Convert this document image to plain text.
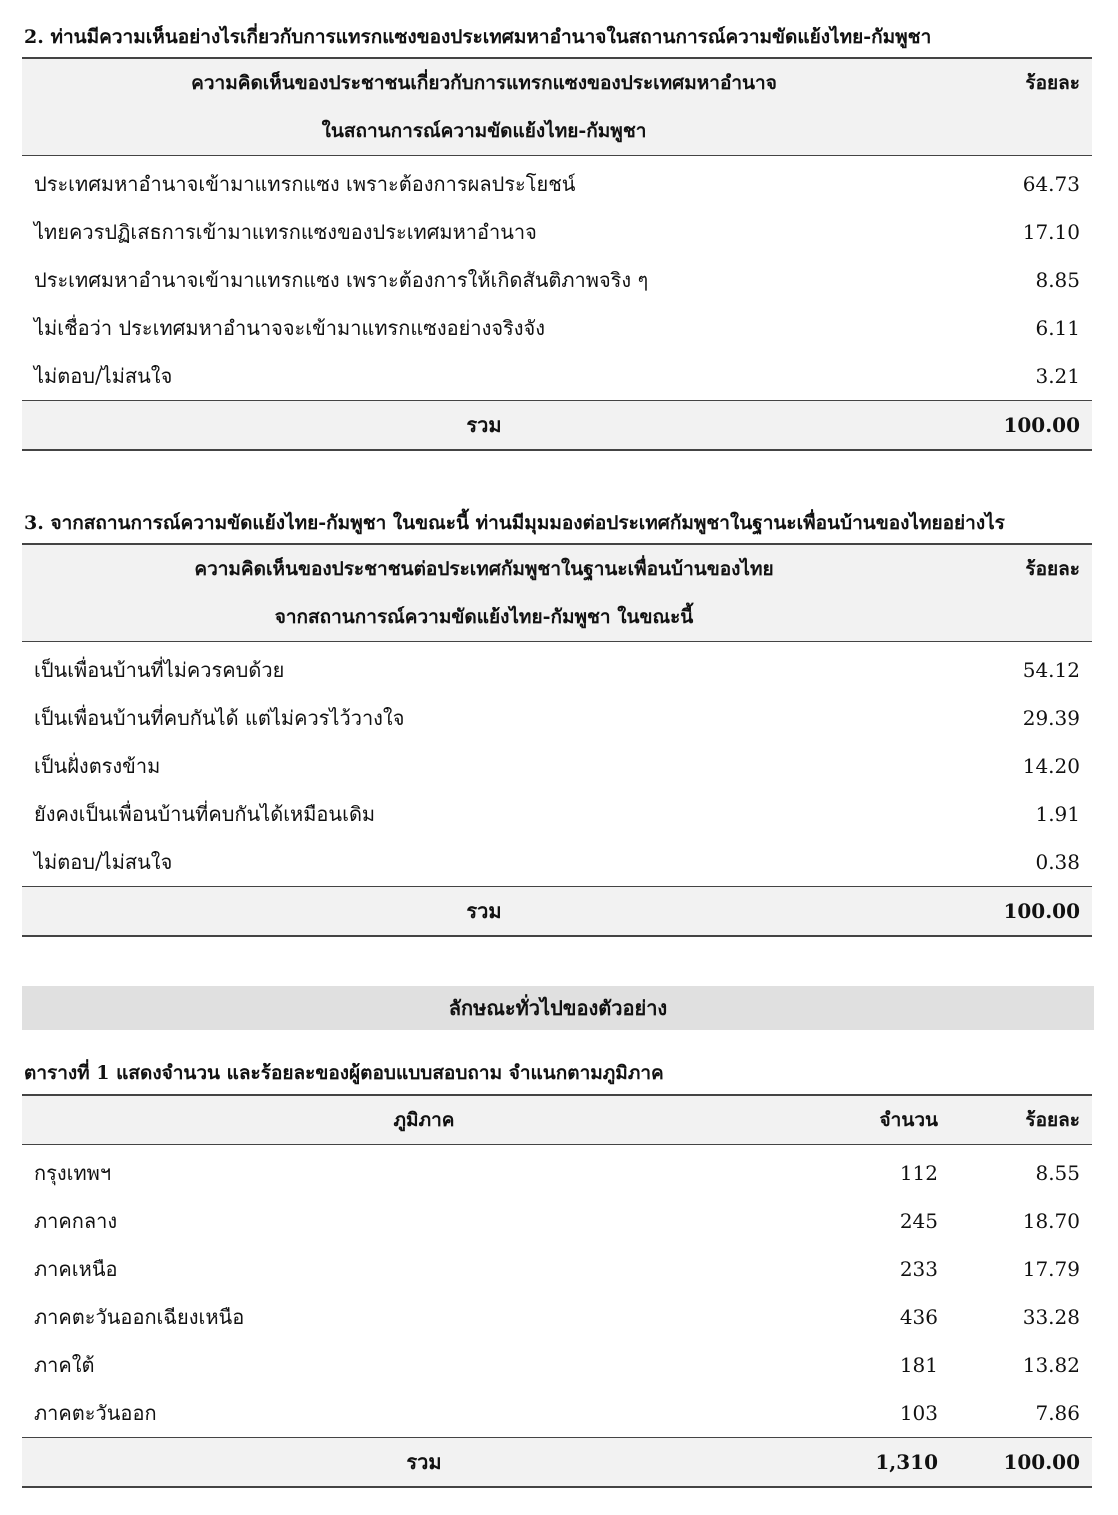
2. ท่านมีความเห็นอย่างไรเกี่ยวกับการแทรกแซงของประเทศมหาอำนาจในสถานการณ์ความขัดแย้งไทย-กัมพูชา
ความคิดเห็นของประชาชนเกี่ยวกับการแทรกแซงของประเทศมหาอำนาจ	ร้อยละ
ในสถานการณ์ความขัดแย้งไทย-กัมพูชา	
ประเทศมหาอำนาจเข้ามาแทรกแซง เพราะต้องการผลประโยชน์	64.73
ไทยควรปฏิเสธการเข้ามาแทรกแซงของประเทศมหาอำนาจ	17.10
ประเทศมหาอำนาจเข้ามาแทรกแซง เพราะต้องการให้เกิดสันติภาพจริง ๆ	8.85
ไม่เชื่อว่า ประเทศมหาอำนาจจะเข้ามาแทรกแซงอย่างจริงจัง	6.11
ไม่ตอบ/ไม่สนใจ	3.21
รวม	100.00
3. จากสถานการณ์ความขัดแย้งไทย-กัมพูชา ในขณะนี้ ท่านมีมุมมองต่อประเทศกัมพูชาในฐานะเพื่อนบ้านของไทยอย่างไร
ความคิดเห็นของประชาชนต่อประเทศกัมพูชาในฐานะเพื่อนบ้านของไทย	ร้อยละ
จากสถานการณ์ความขัดแย้งไทย-กัมพูชา ในขณะนี้	
เป็นเพื่อนบ้านที่ไม่ควรคบด้วย	54.12
เป็นเพื่อนบ้านที่คบกันได้ แต่ไม่ควรไว้วางใจ	29.39
เป็นฝั่งตรงข้าม	14.20
ยังคงเป็นเพื่อนบ้านที่คบกันได้เหมือนเดิม	1.91
ไม่ตอบ/ไม่สนใจ	0.38
รวม	100.00
ลักษณะทั่วไปของตัวอย่าง
ตารางที่ 1 แสดงจำนวน และร้อยละของผู้ตอบแบบสอบถาม จำแนกตามภูมิภาค
ภูมิภาค	จำนวน	ร้อยละ
กรุงเทพฯ	112	8.55
ภาคกลาง	245	18.70
ภาคเหนือ	233	17.79
ภาคตะวันออกเฉียงเหนือ	436	33.28
ภาคใต้	181	13.82
ภาคตะวันออก	103	7.86
รวม	1,310	100.00
